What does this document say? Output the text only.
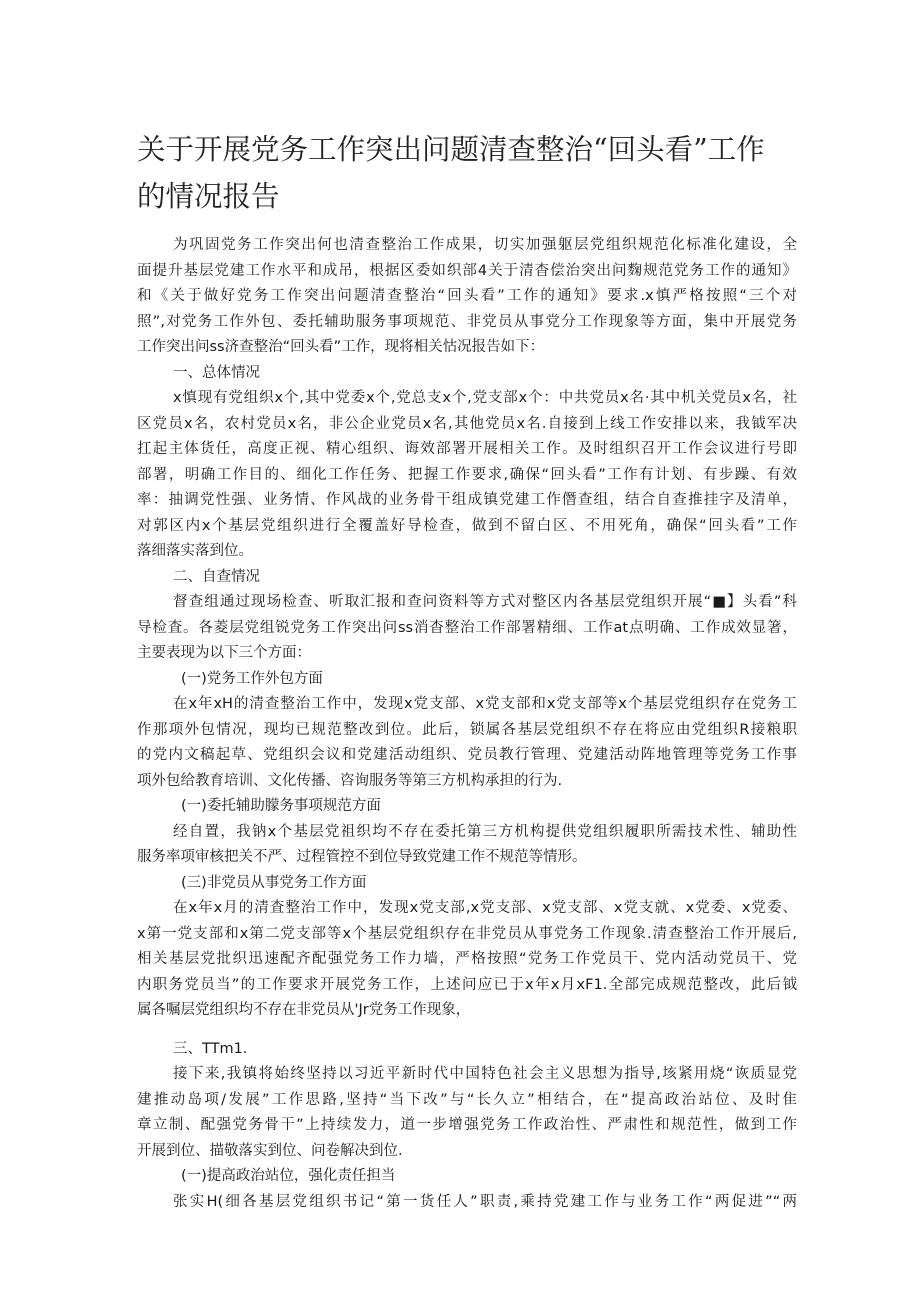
关于开展党务工作突出问题清查整治“回头看”工作
的情况报告
为巩固党务工作突出何也清查整治工作成果，切实加强躯层党组织规范化标准化建设，全
面提升基层党建工作水平和成吊，根据区委如织部4关于清杳偿治突出问麴规范党务工作的通知》
和《关于做好党务工作突出问题清查整治“回头看”工作的通知》要求.x慎严格按照“三个对
照”,对党务工作外包、委托辅助服务事项规范、非党员从事党分工作现象等方面，集中开展党务
工作突出问ss济查整治“回头看”工作，现将相关怙况报告如下：
一、总体情况
x慎现有党组织x个,其中党委x个,党总支x个,党支部x个：中共党员x名·其中机关党员x名，社
区党员x名，农村党员x名，非公企业党员x名,其他党员x名.自接到上线工作安排以来，我钺军决
扛起主体货任，高度正视、精心组织、诲效部署开展相关工作。及时组织召开工作会议进行号即
部署，明确工作目的、细化工作任务、把握工作要求,确保“回头看”工作有计划、有步躁、有效
率：抽调党性强、业务情、作风战的业务骨干组成镇党建工作僭查组，结合自查推挂字及清单，
对郭区内x个基层党组织进行全覆盖好导检查，做到不留白区、不用死角，确保“回头看”工作
落细落实落到位。
二、自查情况
督查组通过现场检查、听取汇报和查问资料等方式对整区内各基层党组织开展“■】头看”科
导检査。各菱层党组锐党务工作突出问ss消杳整治工作部署精细、工作at点明确、工作成效显箸，
主要表现为以下三个方面：
(一)党务工作外包方面
在x年xH的清查整治工作中，发现x党支部、x党支部和x党支部等x个基层党组织存在党务工
作那项外包情况，现均已规范整改到位。此后，锁属各基层党组织不存在将应由党组织R接粮职
的党内文稿起草、党组织会议和党建活动组织、党员教行管理、党建活动阵地管理等党务工作事
项外包给教育培训、文化传播、咨询服务等第三方机构承担的行为.
(一)委托辅助朦务事项规范方面
经自置，我钠x个基层党祖织均不存在委托第三方机构提供党组织履职所需技术性、辅助性
服务率项审核把关不严、过程管控不到位导致党建工作不规范等情形。
(三)非党员从事党务工作方面
在x年x月的清査整治工作中，发现x党支部,x党支部、x党支部、x党支就、x党委、x党委、
x第一党支部和x第二党支部等x个基层党组织存在非党员从事党务工作现象.清查整治工作开展后,
相关基层党批织迅速配齐配强党务工作力墙，严格按照“党务工作党员干、党内活动党员干、党
内职务党员当”的工作要求开展党务工作，上述问应已于x年x月xF1.全部完成规范整改，此后钺
属各嘱层党组织均不存在非党员从'Jr党务工作现象，
三、TTm1.
接下来,我镇将始终坚持以习近平新时代中国特色社会主义思想为指导,垓紧用烧“诙质显党
建推动岛项/发展”工作思路,坚持“当下改”与“长久立”相结合，在“提高政治站位、及时隹
章立制、配强党务骨干”上持续发力，道一步增强党务工作政治性、严肃性和规范性，做到工作
开展到位、描敬落实到位、问卷解决到位.
(一)提高政治站位，强化责任担当
张实H(细各基层党组织书记“第一货任人”职责,乘持党建工作与业务工作“两促进”“两
